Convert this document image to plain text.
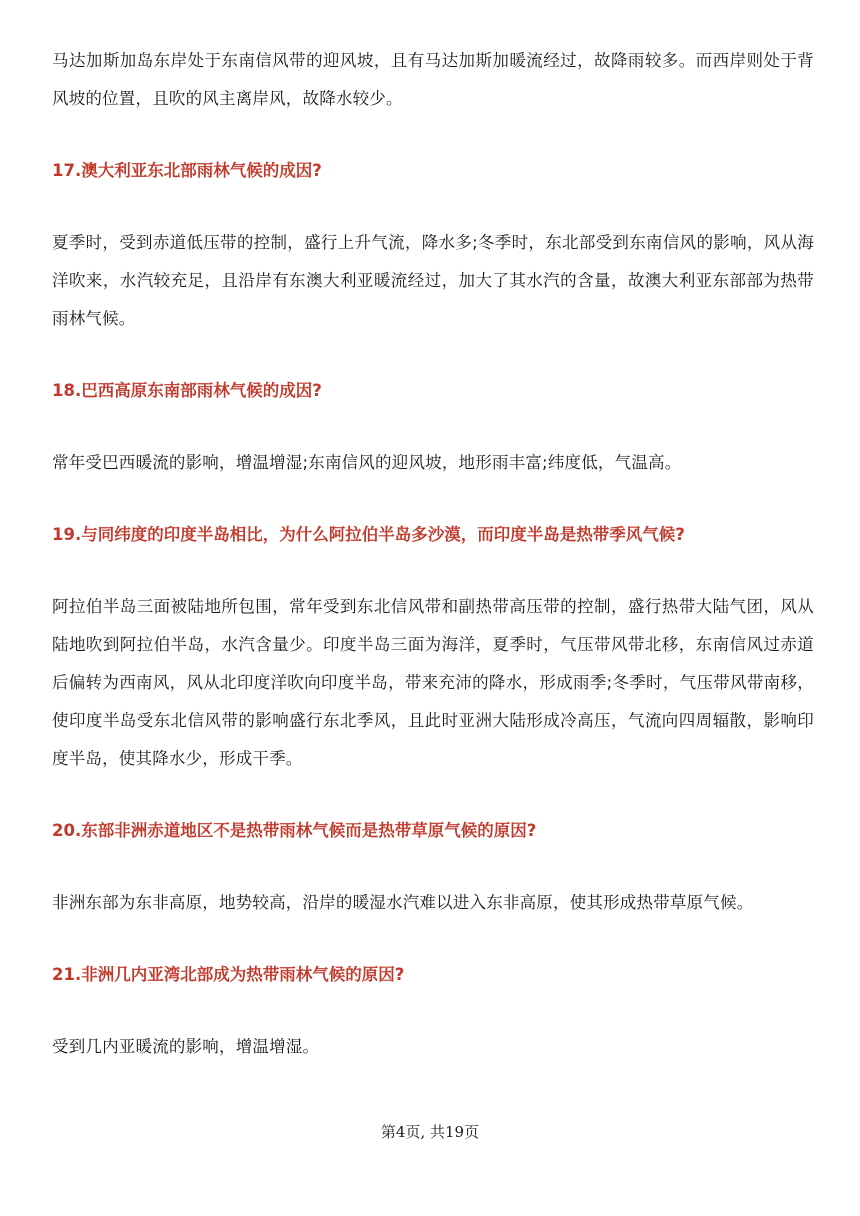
马达加斯加岛东岸处于东南信风带的迎风坡，且有马达加斯加暖流经过，故降雨较多。而西岸则处于背风坡的位置，且吹的风主离岸风，故降水较少。

17.澳大利亚东北部雨林气候的成因?

夏季时，受到赤道低压带的控制，盛行上升气流，降水多;冬季时，东北部受到东南信风的影响，风从海洋吹来，水汽较充足，且沿岸有东澳大利亚暖流经过，加大了其水汽的含量，故澳大利亚东部部为热带雨林气候。

18.巴西高原东南部雨林气候的成因?

常年受巴西暖流的影响，增温增湿;东南信风的迎风坡，地形雨丰富;纬度低，气温高。

19.与同纬度的印度半岛相比，为什么阿拉伯半岛多沙漠，而印度半岛是热带季风气候?

阿拉伯半岛三面被陆地所包围，常年受到东北信风带和副热带高压带的控制，盛行热带大陆气团，风从陆地吹到阿拉伯半岛，水汽含量少。印度半岛三面为海洋，夏季时，气压带风带北移，东南信风过赤道后偏转为西南风，风从北印度洋吹向印度半岛，带来充沛的降水，形成雨季;冬季时，气压带风带南移，使印度半岛受东北信风带的影响盛行东北季风，且此时亚洲大陆形成冷高压，气流向四周辐散，影响印度半岛，使其降水少，形成干季。

20.东部非洲赤道地区不是热带雨林气候而是热带草原气候的原因?

非洲东部为东非高原，地势较高，沿岸的暖湿水汽难以进入东非高原，使其形成热带草原气候。

21.非洲几内亚湾北部成为热带雨林气候的原因?

受到几内亚暖流的影响，增温增湿。

第4页, 共19页
